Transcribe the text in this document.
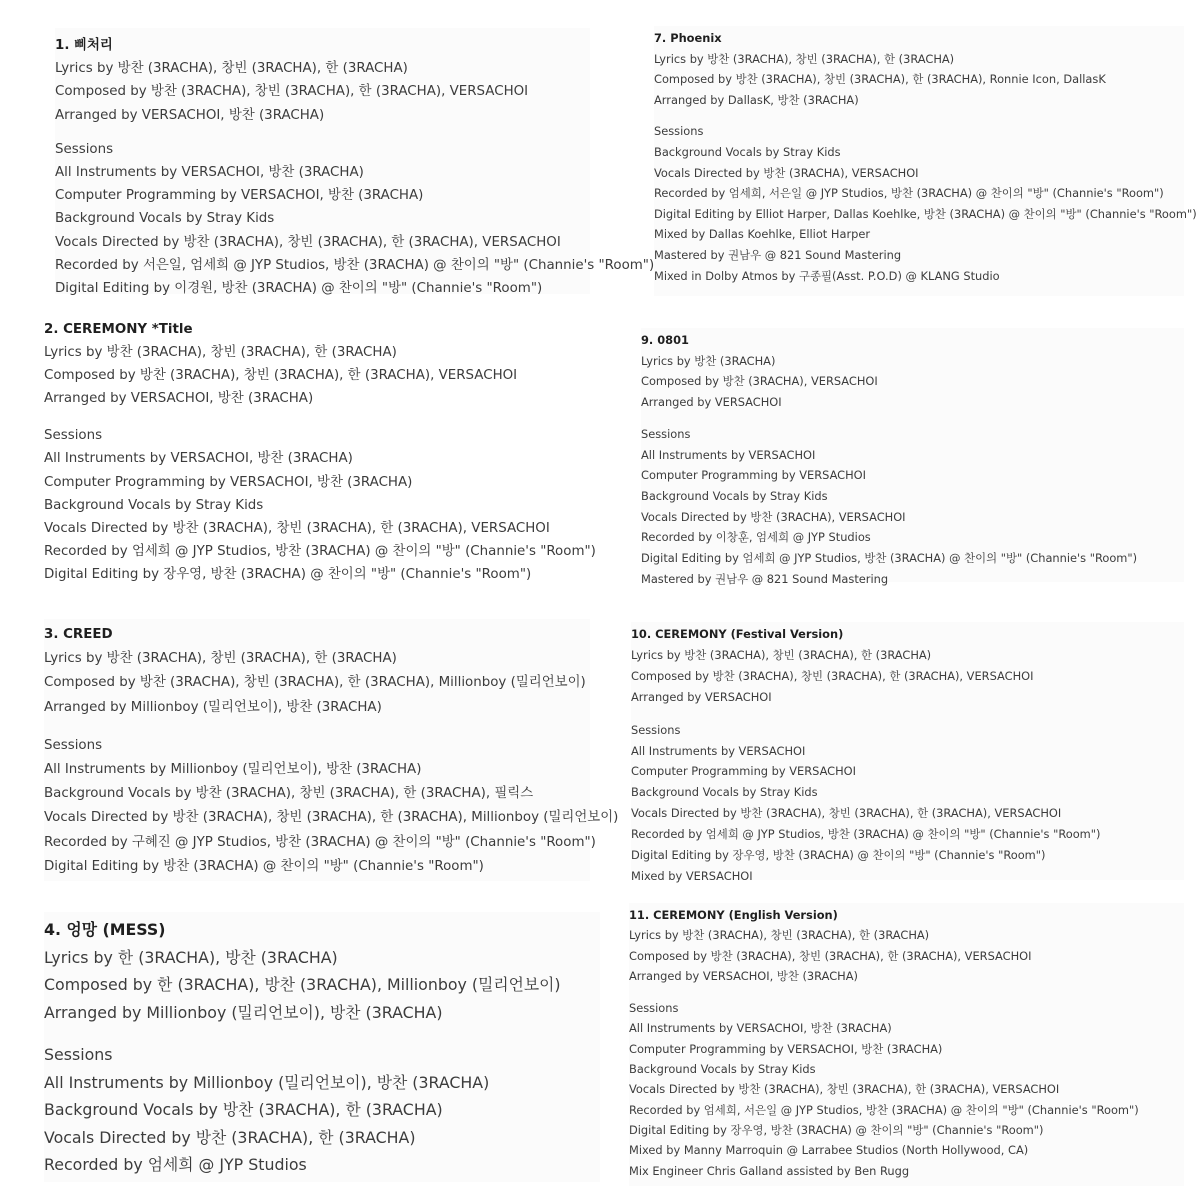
1. 삐처리
Lyrics by 방찬 (3RACHA), 창빈 (3RACHA), 한 (3RACHA)
Composed by 방찬 (3RACHA), 창빈 (3RACHA), 한 (3RACHA), VERSACHOI
Arranged by VERSACHOI, 방찬 (3RACHA)
Sessions
All Instruments by VERSACHOI, 방찬 (3RACHA)
Computer Programming by VERSACHOI, 방찬 (3RACHA)
Background Vocals by Stray Kids
Vocals Directed by 방찬 (3RACHA), 창빈 (3RACHA), 한 (3RACHA), VERSACHOI
Recorded by 서은일, 엄세희 @ JYP Studios, 방찬 (3RACHA) @ 찬이의 "방" (Channie's "Room")
Digital Editing by 이경원, 방찬 (3RACHA) @ 찬이의 "방" (Channie's "Room")
2. CEREMONY *Title
Lyrics by 방찬 (3RACHA), 창빈 (3RACHA), 한 (3RACHA)
Composed by 방찬 (3RACHA), 창빈 (3RACHA), 한 (3RACHA), VERSACHOI
Arranged by VERSACHOI, 방찬 (3RACHA)
Sessions
All Instruments by VERSACHOI, 방찬 (3RACHA)
Computer Programming by VERSACHOI, 방찬 (3RACHA)
Background Vocals by Stray Kids
Vocals Directed by 방찬 (3RACHA), 창빈 (3RACHA), 한 (3RACHA), VERSACHOI
Recorded by 엄세희 @ JYP Studios, 방찬 (3RACHA) @ 찬이의 "방" (Channie's "Room")
Digital Editing by 장우영, 방찬 (3RACHA) @ 찬이의 "방" (Channie's "Room")
3. CREED
Lyrics by 방찬 (3RACHA), 창빈 (3RACHA), 한 (3RACHA)
Composed by 방찬 (3RACHA), 창빈 (3RACHA), 한 (3RACHA), Millionboy (밀리언보이)
Arranged by Millionboy (밀리언보이), 방찬 (3RACHA)
Sessions
All Instruments by Millionboy (밀리언보이), 방찬 (3RACHA)
Background Vocals by 방찬 (3RACHA), 창빈 (3RACHA), 한 (3RACHA), 필릭스
Vocals Directed by 방찬 (3RACHA), 창빈 (3RACHA), 한 (3RACHA), Millionboy (밀리언보이)
Recorded by 구혜진 @ JYP Studios, 방찬 (3RACHA) @ 찬이의 "방" (Channie's "Room")
Digital Editing by 방찬 (3RACHA) @ 찬이의 "방" (Channie's "Room")
4. 엉망 (MESS)
Lyrics by 한 (3RACHA), 방찬 (3RACHA)
Composed by 한 (3RACHA), 방찬 (3RACHA), Millionboy (밀리언보이)
Arranged by Millionboy (밀리언보이), 방찬 (3RACHA)
Sessions
All Instruments by Millionboy (밀리언보이), 방찬 (3RACHA)
Background Vocals by 방찬 (3RACHA), 한 (3RACHA)
Vocals Directed by 방찬 (3RACHA), 한 (3RACHA)
Recorded by 엄세희 @ JYP Studios
7. Phoenix
Lyrics by 방찬 (3RACHA), 창빈 (3RACHA), 한 (3RACHA)
Composed by 방찬 (3RACHA), 창빈 (3RACHA), 한 (3RACHA), Ronnie Icon, DallasK
Arranged by DallasK, 방찬 (3RACHA)
Sessions
Background Vocals by Stray Kids
Vocals Directed by 방찬 (3RACHA), VERSACHOI
Recorded by 엄세희, 서은일 @ JYP Studios, 방찬 (3RACHA) @ 찬이의 "방" (Channie's "Room")
Digital Editing by Elliot Harper, Dallas Koehlke, 방찬 (3RACHA) @ 찬이의 "방" (Channie's "Room")
Mixed by Dallas Koehlke, Elliot Harper
Mastered by 권남우 @ 821 Sound Mastering
Mixed in Dolby Atmos by 구종필(Asst. P.O.D) @ KLANG Studio
9. 0801
Lyrics by 방찬 (3RACHA)
Composed by 방찬 (3RACHA), VERSACHOI
Arranged by VERSACHOI
Sessions
All Instruments by VERSACHOI
Computer Programming by VERSACHOI
Background Vocals by Stray Kids
Vocals Directed by 방찬 (3RACHA), VERSACHOI
Recorded by 이창훈, 엄세희 @ JYP Studios
Digital Editing by 엄세희 @ JYP Studios, 방찬 (3RACHA) @ 찬이의 "방" (Channie's "Room")
Mastered by 권남우 @ 821 Sound Mastering
10. CEREMONY (Festival Version)
Lyrics by 방찬 (3RACHA), 창빈 (3RACHA), 한 (3RACHA)
Composed by 방찬 (3RACHA), 창빈 (3RACHA), 한 (3RACHA), VERSACHOI
Arranged by VERSACHOI
Sessions
All Instruments by VERSACHOI
Computer Programming by VERSACHOI
Background Vocals by Stray Kids
Vocals Directed by 방찬 (3RACHA), 창빈 (3RACHA), 한 (3RACHA), VERSACHOI
Recorded by 엄세희 @ JYP Studios, 방찬 (3RACHA) @ 찬이의 "방" (Channie's "Room")
Digital Editing by 장우영, 방찬 (3RACHA) @ 찬이의 "방" (Channie's "Room")
Mixed by VERSACHOI
11. CEREMONY (English Version)
Lyrics by 방찬 (3RACHA), 창빈 (3RACHA), 한 (3RACHA)
Composed by 방찬 (3RACHA), 창빈 (3RACHA), 한 (3RACHA), VERSACHOI
Arranged by VERSACHOI, 방찬 (3RACHA)
Sessions
All Instruments by VERSACHOI, 방찬 (3RACHA)
Computer Programming by VERSACHOI, 방찬 (3RACHA)
Background Vocals by Stray Kids
Vocals Directed by 방찬 (3RACHA), 창빈 (3RACHA), 한 (3RACHA), VERSACHOI
Recorded by 엄세희, 서은일 @ JYP Studios, 방찬 (3RACHA) @ 찬이의 "방" (Channie's "Room")
Digital Editing by 장우영, 방찬 (3RACHA) @ 찬이의 "방" (Channie's "Room")
Mixed by Manny Marroquin @ Larrabee Studios (North Hollywood, CA)
Mix Engineer Chris Galland assisted by Ben Rugg
